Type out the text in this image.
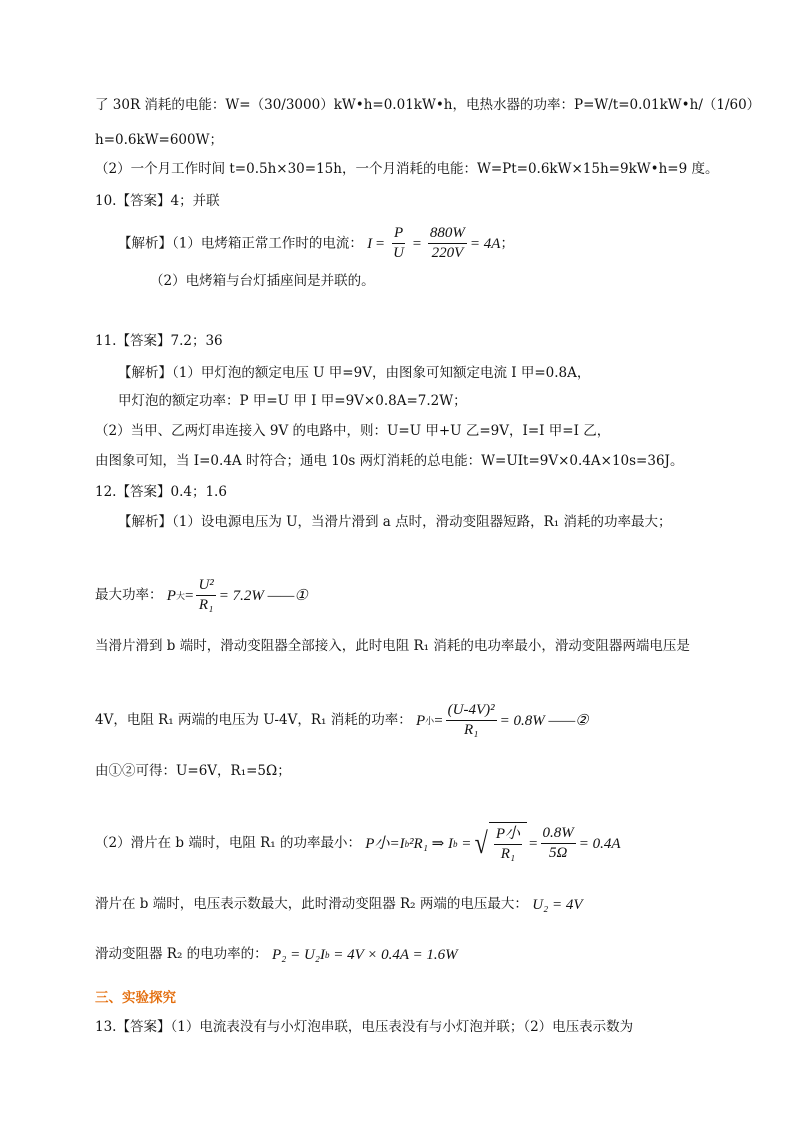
了 30R 消耗的电能：W=（30/3000）kW•h=0.01kW•h，电热水器的功率：P=W/t=0.01kW•h/（1/60）
h=0.6kW=600W；
（2）一个月工作时间 t=0.5h×30=15h，一个月消耗的电能：W=Pt=0.6kW×15h=9kW•h=9 度。
10.【答案】4；并联
【解析】（1）电烤箱正常工作时的电流： $I = \frac{P}{U} = \frac{880W}{220V} = 4A$ ；
（2）电烤箱与台灯插座间是并联的。
11.【答案】7.2；36
【解析】（1）甲灯泡的额定电压 U 甲=9V，由图象可知额定电流 I 甲=0.8A，
甲灯泡的额定功率：P 甲=U 甲 I 甲=9V×0.8A=7.2W；
（2）当甲、乙两灯串连接入 9V 的电路中，则：U=U 甲+U 乙=9V，I=I 甲=I 乙，
由图象可知，当 I=0.4A 时符合；通电 10s 两灯消耗的总电能：W=UIt=9V×0.4A×10s=36J。
12.【答案】0.4；1.6
【解析】（1）设电源电压为 U，当滑片滑到 a 点时，滑动变阻器短路，R₁ 消耗的功率最大；
最大功率： P 大 = $\frac{\text{U²}}{\text{R₁}} = 7.2W$ ——①
当滑片滑到 b 端时，滑动变阻器全部接入，此时电阻 R₁ 消耗的电功率最小，滑动变阻器两端电压是
4V，电阻 R₁ 两端的电压为 U-4V，R₁ 消耗的功率： P 小 = $\frac{\text{(U-4V)²}}{\text{R₁}} = 0.8W$ ——②
由①②可得：U=6V，R₁=5Ω；
（2）滑片在 b 端时，电阻 R₁ 的功率最小： P小=I b ²R₁ ⇒ I b
= √ $\frac{\text{P小}}{\text{R₁}} = \frac{0.8W}{5\Omega} = 0.4A$
滑片在 b 端时，电压表示数最大，此时滑动变阻器 R₂ 两端的电压最大： U₂ = 4V
滑动变阻器 R₂ 的电功率的： P₂ = U₂I b
= 4V × 0.4A = 1.6W
三、实验探究
13.【答案】（1）电流表没有与小灯泡串联，电压表没有与小灯泡并联；（2）电压表示数为
